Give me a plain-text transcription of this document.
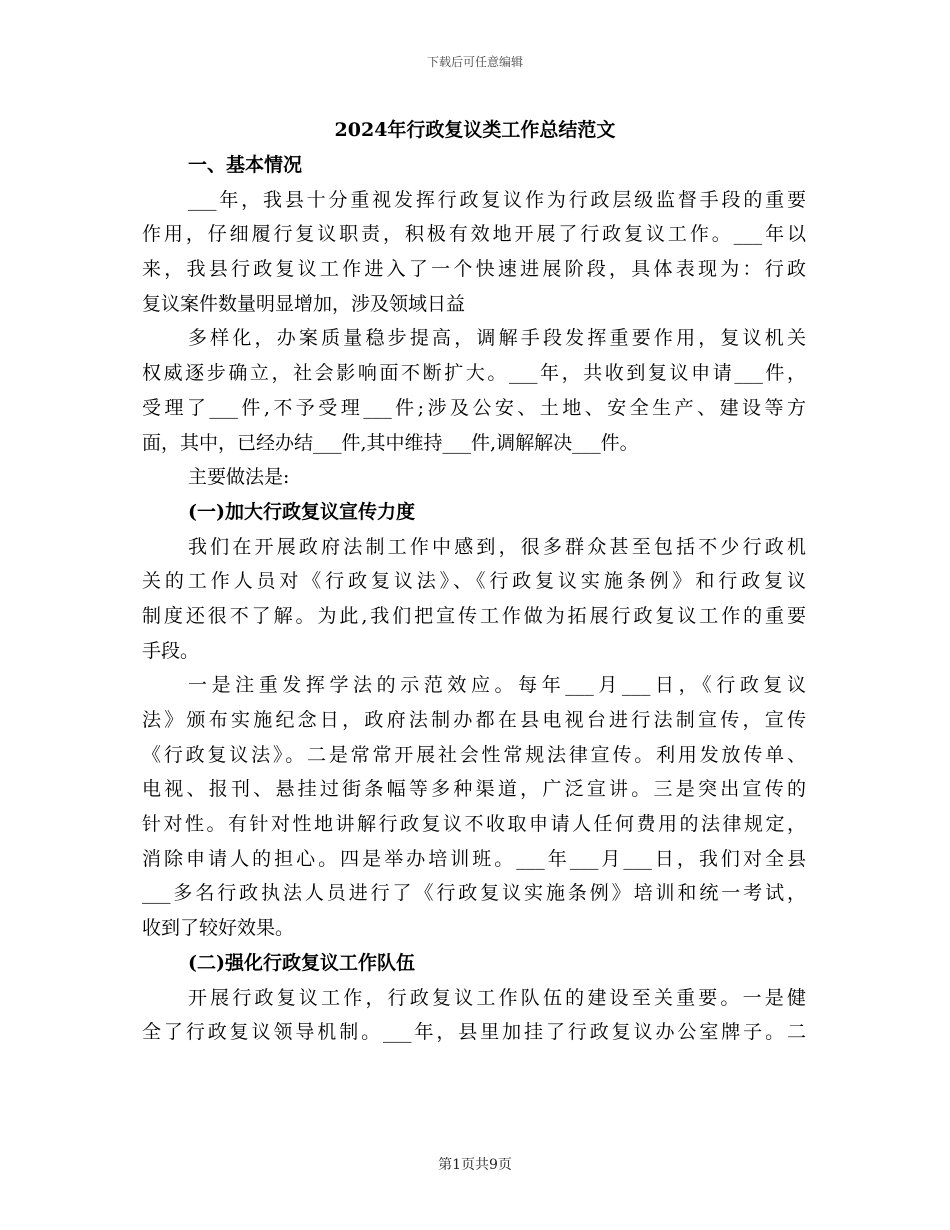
下载后可任意编辑
2024年行政复议类工作总结范文
一、基本情况
___年，我县十分重视发挥行政复议作为行政层级监督手段的重要
作用，仔细履行复议职责，积极有效地开展了行政复议工作。___年以
来，我县行政复议工作进入了一个快速进展阶段，具体表现为：行政
复议案件数量明显增加，涉及领域日益
多样化，办案质量稳步提高，调解手段发挥重要作用，复议机关
权威逐步确立，社会影响面不断扩大。___年，共收到复议申请___件，
受理了___件,不予受理___件;涉及公安、土地、安全生产、建设等方
面，其中，已经办结___件,其中维持___件,调解解决___件。
主要做法是:
(一)加大行政复议宣传力度
我们在开展政府法制工作中感到，很多群众甚至包括不少行政机
关的工作人员对《行政复议法》、《行政复议实施条例》和行政复议
制度还很不了解。为此,我们把宣传工作做为拓展行政复议工作的重要
手段。
一是注重发挥学法的示范效应。每年___月___日，《行政复议
法》颁布实施纪念日，政府法制办都在县电视台进行法制宣传，宣传
《行政复议法》。二是常常开展社会性常规法律宣传。利用发放传单、
电视、报刊、悬挂过街条幅等多种渠道，广泛宣讲。三是突出宣传的
针对性。有针对性地讲解行政复议不收取申请人任何费用的法律规定，
消除申请人的担心。四是举办培训班。___年___月___日，我们对全县
___多名行政执法人员进行了《行政复议实施条例》培训和统一考试，
收到了较好效果。
(二)强化行政复议工作队伍
开展行政复议工作，行政复议工作队伍的建设至关重要。一是健
全了行政复议领导机制。___年，县里加挂了行政复议办公室牌子。二
第1页共9页
